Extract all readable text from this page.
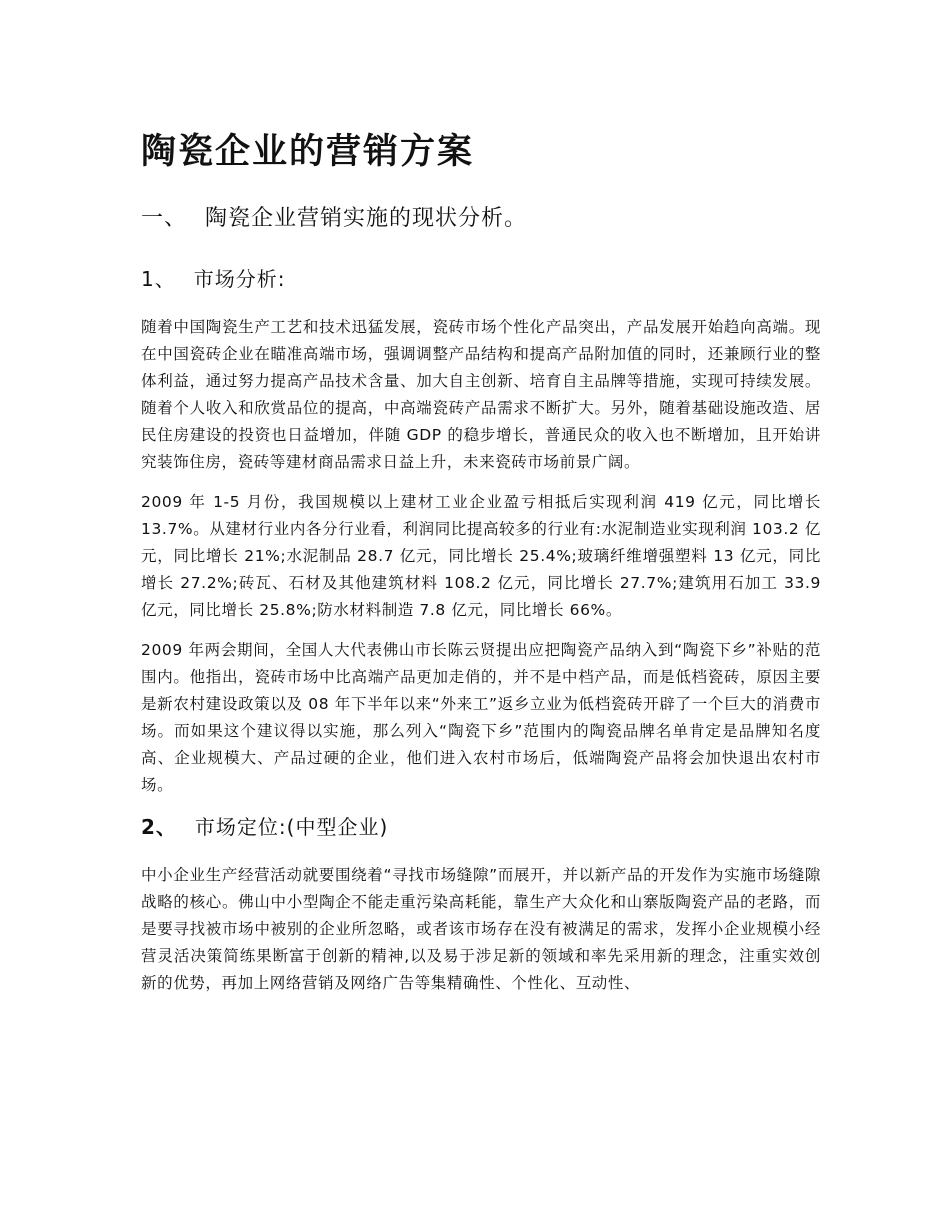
陶瓷企业的营销方案
一、 陶瓷企业营销实施的现状分析。
1、 市场分析:

随着中国陶瓷生产工艺和技术迅猛发展，瓷砖市场个性化产品突出，产品发展开始趋向高端。现在中国瓷砖企业在瞄准高端市场，强调调整产品结构和提高产品附加值的同时，还兼顾行业的整体利益，通过努力提高产品技术含量、加大自主创新、培育自主品牌等措施，实现可持续发展。随着个人收入和欣赏品位的提高，中高端瓷砖产品需求不断扩大。另外，随着基础设施改造、居民住房建设的投资也日益增加，伴随 GDP 的稳步增长，普通民众的收入也不断增加，且开始讲究装饰住房，瓷砖等建材商品需求日益上升，未来瓷砖市场前景广阔。

2009 年 1-5 月份，我国规模以上建材工业企业盈亏相抵后实现利润 419 亿元，同比增长 13.7%。从建材行业内各分行业看，利润同比提高较多的行业有:水泥制造业实现利润 103.2 亿元，同比增长 21%;水泥制品 28.7 亿元，同比增长 25.4%;玻璃纤维增强塑料 13 亿元，同比增长 27.2%;砖瓦、石材及其他建筑材料 108.2 亿元，同比增长 27.7%;建筑用石加工 33.9 亿元，同比增长 25.8%;防水材料制造 7.8 亿元，同比增长 66%。

2009 年两会期间，全国人大代表佛山市长陈云贤提出应把陶瓷产品纳入到“陶瓷下乡”补贴的范围内。他指出，瓷砖市场中比高端产品更加走俏的，并不是中档产品，而是低档瓷砖，原因主要是新农村建设政策以及 08 年下半年以来“外来工”返乡立业为低档瓷砖开辟了一个巨大的消费市场。而如果这个建议得以实施，那么列入“陶瓷下乡”范围内的陶瓷品牌名单肯定是品牌知名度高、企业规模大、产品过硬的企业，他们进入农村市场后，低端陶瓷产品将会加快退出农村市场。

2、 市场定位:(中型企业)

中小企业生产经营活动就要围绕着“寻找市场缝隙”而展开，并以新产品的开发作为实施市场缝隙战略的核心。佛山中小型陶企不能走重污染高耗能，靠生产大众化和山寨版陶瓷产品的老路，而是要寻找被市场中被别的企业所忽略，或者该市场存在没有被满足的需求，发挥小企业规模小经营灵活决策简练果断富于创新的精神,以及易于涉足新的领域和率先采用新的理念，注重实效创新的优势，再加上网络营销及网络广告等集精确性、个性化、互动性、
